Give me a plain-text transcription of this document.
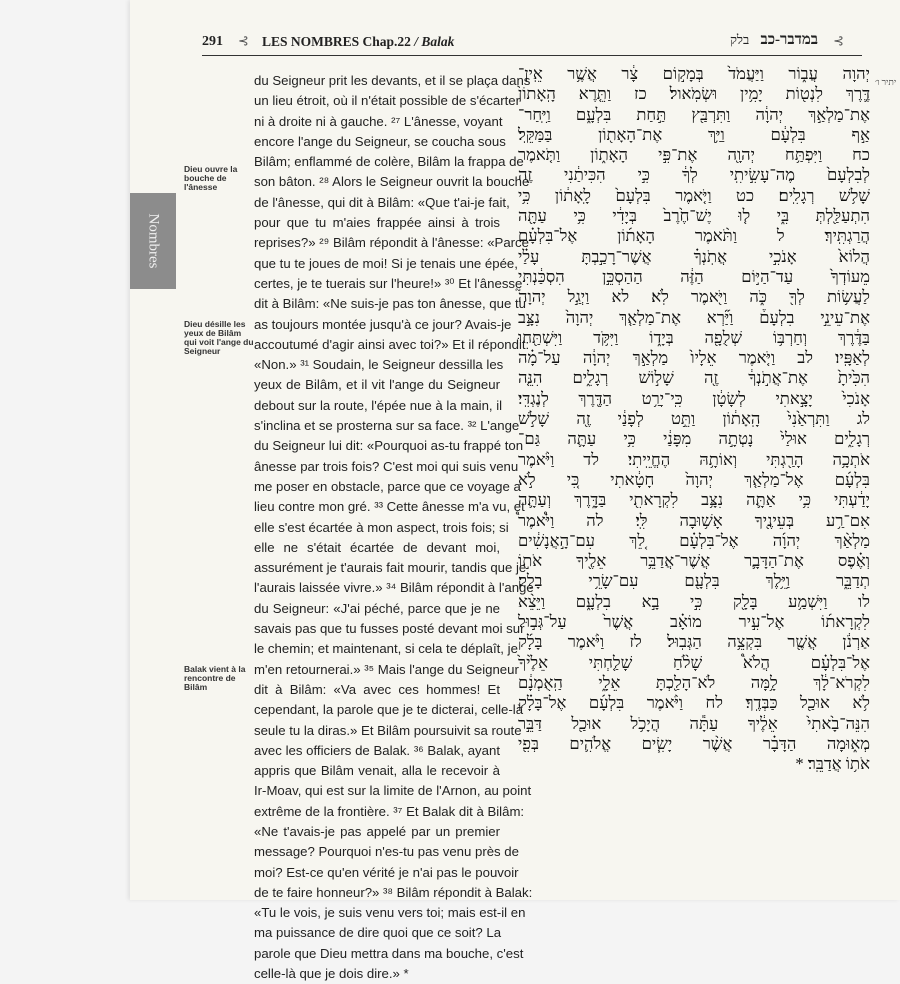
291 ⊰ LES NOMBRES Chap.22 / Balak	במדבר-כב   בלק	⊰
Nombres
Dieu ouvre la bouche de l'ânesse
Dieu désille les yeux de Bilâm qui voit l'ange du Seigneur
Balak vient à la rencontre de Bilâm
du Seigneur prit les devants, et il se plaça dans
un lieu étroit, où il n'était possible de s'écarter
ni à droite ni à gauche. ²⁷ L'ânesse, voyant
encore l'ange du Seigneur, se coucha sous
Bilâm; enflammé de colère, Bilâm la frappa de
son bâton. ²⁸ Alors le Seigneur ouvrit la bouche
de l'ânesse, qui dit à Bilâm: «Que t'ai-je fait,
pour que tu m'aies frappée ainsi à trois
reprises?» ²⁹ Bilâm répondit à l'ânesse: «Parce
que tu te joues de moi! Si je tenais une épée,
certes, je te tuerais sur l'heure!» ³⁰ Et l'ânesse
dit à Bilâm: «Ne suis-je pas ton ânesse, que tu
as toujours montée jusqu'à ce jour? Avais-je
accoutumé d'agir ainsi avec toi?» Et il répondit:
«Non.» ³¹ Soudain, le Seigneur dessilla les
yeux de Bilâm, et il vit l'ange du Seigneur
debout sur la route, l'épée nue à la main, il
s'inclina et se prosterna sur sa face. ³² L'ange
du Seigneur lui dit: «Pourquoi as-tu frappé ton
ânesse par trois fois? C'est moi qui suis venu
me poser en obstacle, parce que ce voyage a
lieu contre mon gré. ³³ Cette ânesse m'a vu, et
elle s'est écartée à mon aspect, trois fois; si
elle ne s'était écartée de devant moi,
assurément je t'aurais fait mourir, tandis que je
l'aurais laissée vivre.» ³⁴ Bilâm répondit à l'ange
du Seigneur: «J'ai péché, parce que je ne
savais pas que tu fusses posté devant moi sur
le chemin; et maintenant, si cela te déplaît, je
m'en retournerai.» ³⁵ Mais l'ange du Seigneur
dit à Bilâm: «Va avec ces hommes! Et
cependant, la parole que je te dicterai, celle-là
seule tu la diras.» Et Bilâm poursuivit sa route
avec les officiers de Balak. ³⁶ Balak, ayant
appris que Bilâm venait, alla le recevoir à
Ir-Moav, qui est sur la limite de l'Arnon, au point
extrême de la frontière. ³⁷ Et Balak dit à Bilâm:
«Ne t'avais-je pas appelé par un premier
message? Pourquoi n'es-tu pas venu près de
moi? Est-ce qu'en vérité je n'ai pas le pouvoir
de te faire honneur?» ³⁸ Bilâm répondit à Balak:
«Tu le vois, je suis venu vers toi; mais est-il en
ma puissance de dire quoi que ce soit? La
parole que Dieu mettra dans ma bouche, c'est
celle-là que je dois dire.» *
יְהוָה עֲב֑וֹר וַיַּעֲמֹד֙ בְּמָק֣וֹם צָ֔ר אֲשֶׁ֥ר אֵֽין־
דֶּ֛רֶךְ לִנְט֖וֹת יָמִ֥ין וּשְׂמֹֽאול׃ כז וַתֵּ֤רֶא הָֽאָתוֹן֙
אֶת־מַלְאַ֣ךְ יְהוָ֔ה וַתִּרְבַּ֖ץ תַּ֣חַת בִּלְעָ֑ם וַיִּֽחַר־
אַ֣ף בִּלְעָ֔ם וַיַּ֥ךְ אֶת־הָאָת֖וֹן בַּמַּקֵּֽל׃
כח וַיִּפְתַּ֥ח יְהוָ֖ה אֶת־פִּ֣י הָאָת֑וֹן וַתֹּ֤אמֶר
לְבִלְעָם֙ מֶה־עָשִׂ֣יתִֽי לְךָ֔ כִּ֣י הִכִּיתַ֔נִי זֶ֖ה
שָׁל֥שׁ רְגָלִֽים׃ כט וַיֹּ֤אמֶר בִּלְעָם֙ לָֽאָת֔וֹן כִּ֥י
הִתְעַלַּ֖לְתְּ בִּ֑י ל֤וּ יֶשׁ־חֶ֙רֶב֙ בְּיָדִ֔י כִּ֥י עַתָּ֖ה
הֲרַגְתִּֽיךְ׃ ל וַתֹּ֨אמֶר הָאָת֜וֹן אֶל־בִּלְעָ֗ם
הֲלוֹא֙ אָנֹכִ֣י אֲתֹֽנְךָ֗ אֲשֶׁר־רָכַ֣בְתָּ עָלַ֗י
מֵעוֹדְךָ֙ עַד־הַיּ֣וֹם הַזֶּ֔ה הַהַסְכֵּ֣ן הִסְכַּ֔נְתִּי
לַעֲשׂ֥וֹת לְךָ֖ כֹּ֑ה וַיֹּ֖אמֶר לֹֽא׃ לא וַיְגַ֣ל יְהוָה֮
אֶת־עֵינֵ֣י בִלְעָם֒ וַיַּ֞רְא אֶת־מַלְאַ֤ךְ יְהוָה֙ נִצָּ֣ב
בַּדֶּ֔רֶךְ וְחַרְבּ֥וֹ שְׁלֻפָ֖ה בְּיָד֑וֹ וַיִּקֹּ֥ד וַיִּשְׁתַּ֖חוּ
לְאַפָּֽיו׃ לב וַיֹּ֤אמֶר אֵלָיו֙ מַלְאַ֣ךְ יְהוָ֔ה עַל־מָ֗ה
הִכִּ֙יתָ֙ אֶת־אֲתֹ֣נְךָ֔ זֶ֖ה שָׁל֣וֹשׁ רְגָלִ֑ים הִנֵּ֤ה
אָנֹכִי֙ יָצָ֣אתִי לְשָׂטָ֔ן כִּֽי־יָרַ֥ט הַדֶּ֖רֶךְ לְנֶגְדִּֽי׃
לג וַתִּרְאַ֙נִי֙ הָֽאָת֔וֹן וַתֵּ֣ט לְפָנַ֔י זֶ֖ה שָׁלֹ֣שׁ
רְגָלִ֑ים אוּלַי֙ נָטְתָ֣ה מִפָּנַ֔י כִּ֥י עַתָּ֛ה גַּם־
אֹתְכָ֥ה הָרַ֖גְתִּי וְאוֹתָ֥הּ הֶחֱיֵֽיתִי׃ לד וַיֹּ֨אמֶר
בִּלְעָ֜ם אֶל־מַלְאַ֤ךְ יְהוָה֙ חָטָ֔אתִי כִּ֚י לֹ֣א
יָדַ֔עְתִּי כִּ֥י אַתָּ֛ה נִצָּ֥ב לִקְרָאתִ֖י בַּדָּ֑רֶךְ וְעַתָּ֛ה
אִם־רַ֥ע בְּעֵינֶ֖יךָ אָשׁ֥וּבָה לִּֽי׃ לה וַיֹּ֩אמֶר֩
מַלְאַ֨ךְ יְהוָ֜ה אֶל־בִּלְעָ֗ם לֵ֚ךְ עִם־הָ֣אֲנָשִׁ֔ים
וְאֶ֗פֶס אֶת־הַדָּבָ֛ר אֲשֶׁר־אֲדַבֵּ֥ר אֵלֶ֖יךָ אֹת֣וֹ
תְדַבֵּ֑ר וַיֵּ֥לֶךְ בִּלְעָ֖ם עִם־שָׂרֵ֥י בָלָֽק׃
לו וַיִּשְׁמַ֥ע בָּלָ֖ק כִּ֣י בָ֣א בִלְעָ֑ם וַיֵּצֵ֨א
לִקְרָאת֜וֹ אֶל־עִ֣יר מוֹאָ֗ב אֲשֶׁר֙ עַל־גְּב֣וּל
אַרְנֹ֔ן אֲשֶׁ֖ר בִּקְצֵ֥ה הַגְּבֽוּל׃ לז וַיֹּ֨אמֶר בָּלָ֜ק
אֶל־בִּלְעָ֗ם הֲלֹא֩ שָׁלֹ֨חַ שָׁלַ֤חְתִּי אֵלֶ֙יךָ֙
לִקְרֹא־לָ֔ךְ לָ֥מָּה לֹא־הָלַ֖כְתָּ אֵלָ֑י הַֽאֻמְנָ֔ם
לֹ֥א אוּכַ֖ל כַּבְּדֶֽךָ׃ לח וַיֹּ֨אמֶר בִּלְעָ֜ם אֶל־בָּלָ֗ק
הִנֵּה־בָ֙אתִי֙ אֵלֶ֔יךָ עַתָּ֕ה הֲיָכֹ֥ל אוּכַ֖ל דַּבֵּ֣ר
מְא֑וּמָה הַדָּבָ֗ר אֲשֶׁ֨ר יָשִׂ֧ים אֱלֹהִ֛ים בְּפִ֖י
אֹת֥וֹ אֲדַבֵּֽר׃ *
יתיר ו׳
